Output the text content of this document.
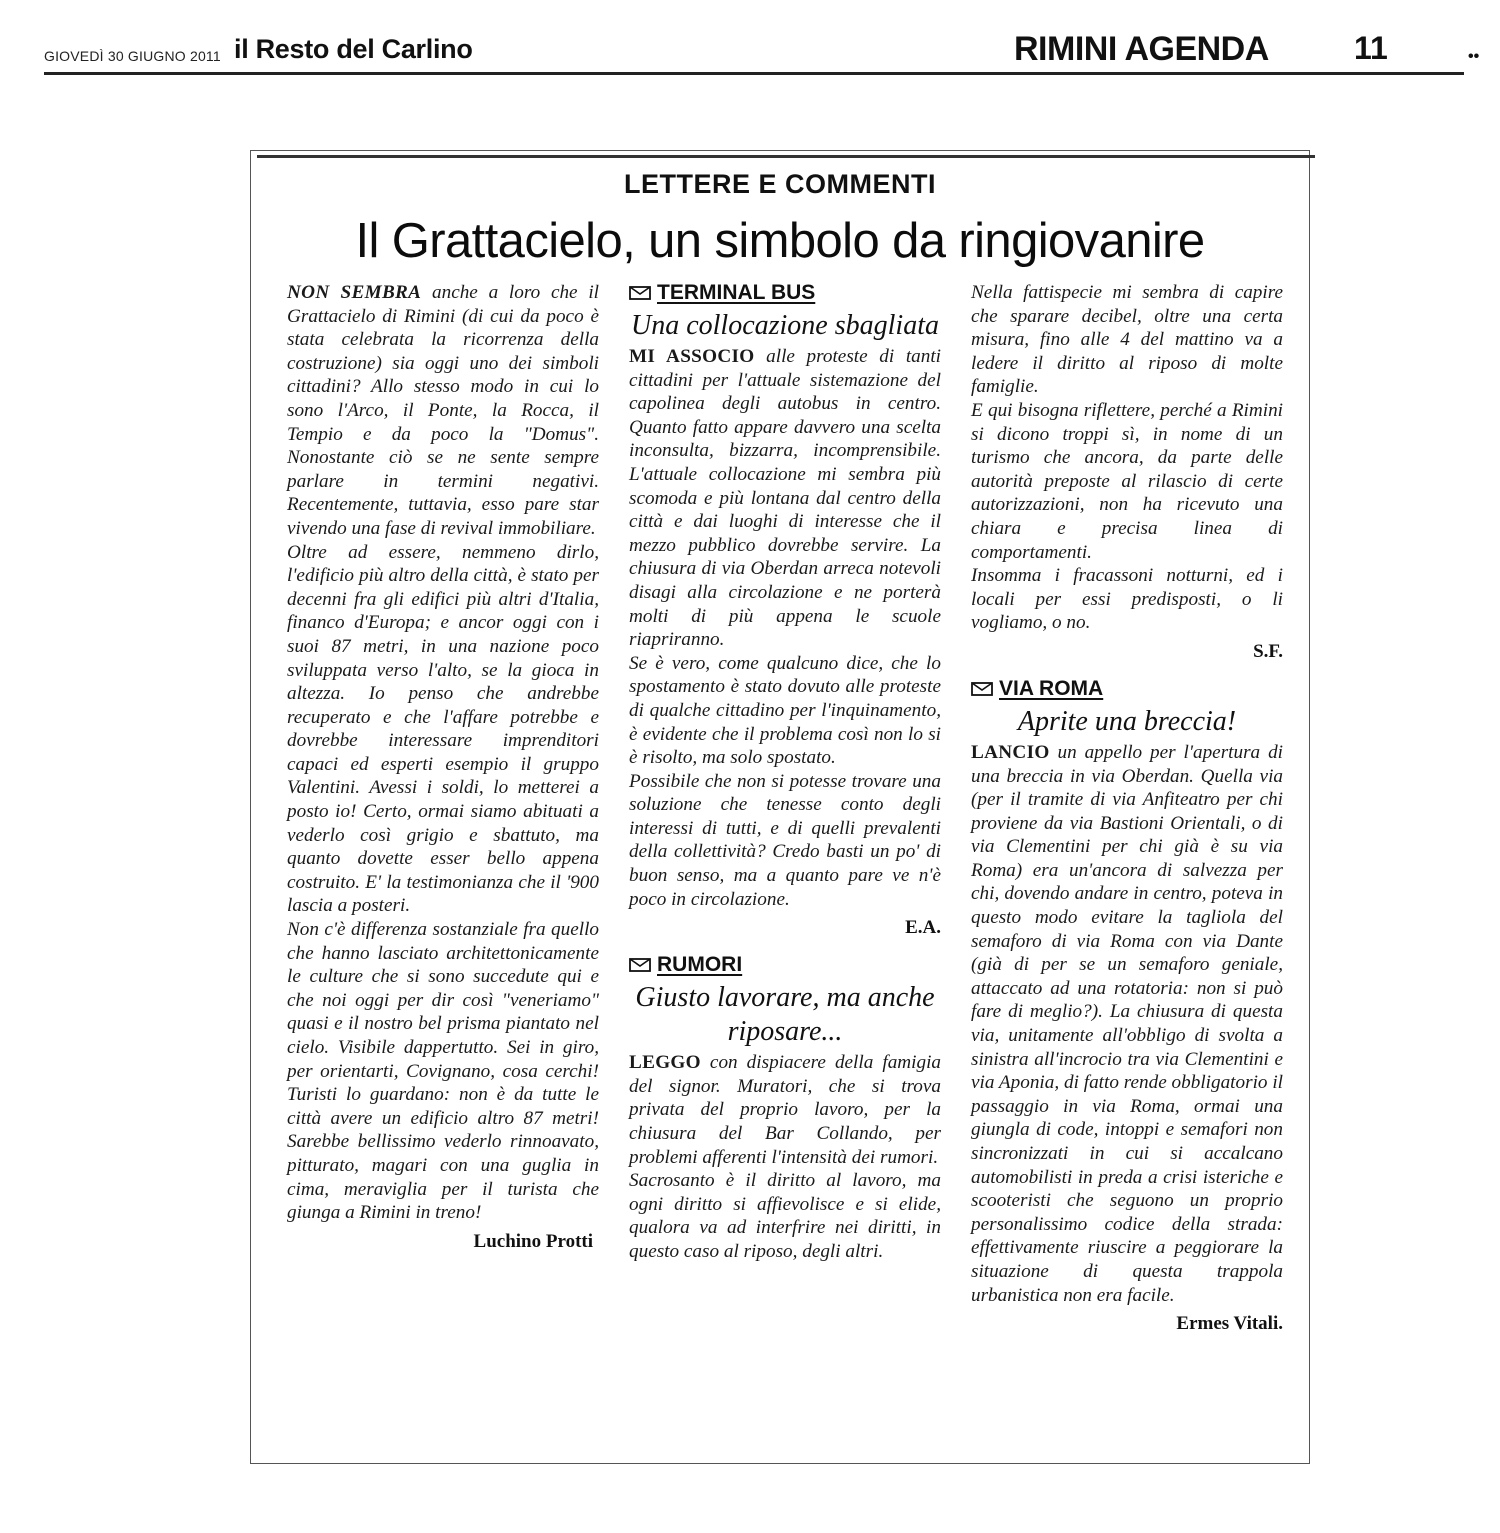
GIOVEDÌ 30 GIUGNO 2011 il Resto del Carlino	RIMINI AGENDA	11	••
LETTERE E COMMENTI
Il Grattacielo, un simbolo da ringiovanire

NON SEMBRA anche a loro che il Grattacielo di Rimini (di cui da poco è stata celebrata la ricorrenza della costruzione) sia oggi uno dei simboli cittadini? Allo stesso modo in cui lo sono l'Arco, il Ponte, la Rocca, il Tempio e da poco la "Domus". Nonostante ciò se ne sente sempre parlare in termini negativi. Recentemente, tuttavia, esso pare star vivendo una fase di revival immobiliare.

Oltre ad essere, nemmeno dirlo, l'edificio più altro della città, è stato per decenni fra gli edifici più altri d'Italia, financo d'Europa; e ancor oggi con i suoi 87 metri, in una nazione poco sviluppata verso l'alto, se la gioca in altezza. Io penso che andrebbe recuperato e che l'affare potrebbe e dovrebbe interessare imprenditori capaci ed esperti esempio il gruppo Valentini. Avessi i soldi, lo metterei a posto io! Certo, ormai siamo abituati a vederlo così grigio e sbattuto, ma quanto dovette esser bello appena costruito. E' la testimonianza che il '900 lascia a posteri.

Non c'è differenza sostanziale fra quello che hanno lasciato architettonicamente le culture che si sono succedute qui e che noi oggi per dir così "veneriamo" quasi e il nostro bel prisma piantato nel cielo. Visibile dappertutto. Sei in giro, per orientarti, Covignano, cosa cerchi! Turisti lo guardano: non è da tutte le città avere un edificio altro 87 metri! Sarebbe bellissimo vederlo rinnoavato, pitturato, magari con una guglia in cima, meraviglia per il turista che giunga a Rimini in treno!

Luchino Protti

TERMINAL BUS
Una collocazione sbagliata

MI ASSOCIO alle proteste di tanti cittadini per l'attuale sistemazione del capolinea degli autobus in centro. Quanto fatto appare davvero una scelta inconsulta, bizzarra, incomprensibile. L'attuale collocazione mi sembra più scomoda e più lontana dal centro della città e dai luoghi di interesse che il mezzo pubblico dovrebbe servire. La chiusura di via Oberdan arreca notevoli disagi alla circolazione e ne porterà molti di più appena le scuole riapriranno.

Se è vero, come qualcuno dice, che lo spostamento è stato dovuto alle proteste di qualche cittadino per l'inquinamento, è evidente che il problema così non lo si è risolto, ma solo spostato.

Possibile che non si potesse trovare una soluzione che tenesse conto degli interessi di tutti, e di quelli prevalenti della collettività? Credo basti un po' di buon senso, ma a quanto pare ve n'è poco in circolazione.

E.A.

RUMORI
Giusto lavorare, ma anche riposare...

LEGGO con dispiacere della famigia del signor. Muratori, che si trova privata del proprio lavoro, per la chiusura del Bar Collando, per problemi afferenti l'intensità dei rumori.

Sacrosanto è il diritto al lavoro, ma ogni diritto si affievolisce e si elide, qualora va ad interfrire nei diritti, in questo caso al riposo, degli altri.

Nella fattispecie mi sembra di capire che sparare decibel, oltre una certa misura, fino alle 4 del mattino va a ledere il diritto al riposo di molte famiglie.

E qui bisogna riflettere, perché a Rimini si dicono troppi sì, in nome di un turismo che ancora, da parte delle autorità preposte al rilascio di certe autorizzazioni, non ha ricevuto una chiara e precisa linea di comportamenti.

Insomma i fracassoni notturni, ed i locali per essi predisposti, o li vogliamo, o no.

S.F.

VIA ROMA
Aprite una breccia!

LANCIO un appello per l'apertura di una breccia in via Oberdan. Quella via (per il tramite di via Anfiteatro per chi proviene da via Bastioni Orientali, o di via Clementini per chi già è su via Roma) era un'ancora di salvezza per chi, dovendo andare in centro, poteva in questo modo evitare la tagliola del semaforo di via Roma con via Dante (già di per se un semaforo geniale, attaccato ad una rotatoria: non si può fare di meglio?). La chiusura di questa via, unitamente all'obbligo di svolta a sinistra all'incrocio tra via Clementini e via Aponia, di fatto rende obbligatorio il passaggio in via Roma, ormai una giungla di code, intoppi e semafori non sincronizzati in cui si accalcano automobilisti in preda a crisi isteriche e scooteristi che seguono un proprio personalissimo codice della strada: effettivamente riuscire a peggiorare la situazione di questa trappola urbanistica non era facile.

Ermes Vitali.
